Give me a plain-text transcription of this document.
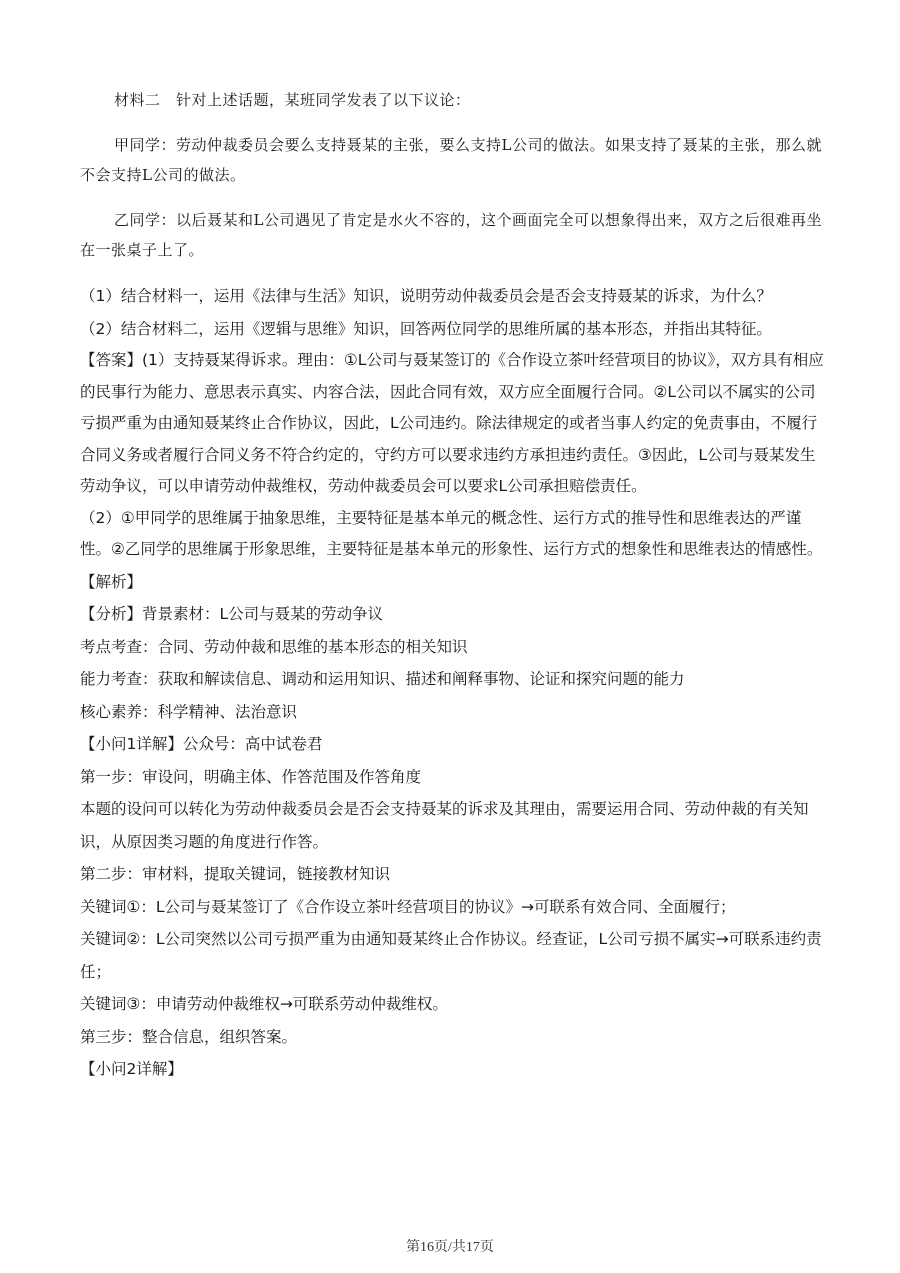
材料二　针对上述话题，某班同学发表了以下议论：

甲同学：劳动仲裁委员会要么支持聂某的主张，要么支持L公司的做法。如果支持了聂某的主张，那么就不会支持L公司的做法。

乙同学：以后聂某和L公司遇见了肯定是水火不容的，这个画面完全可以想象得出来，双方之后很难再坐在一张桌子上了。

（1）结合材料一，运用《法律与生活》知识，说明劳动仲裁委员会是否会支持聂某的诉求，为什么？

（2）结合材料二，运用《逻辑与思维》知识，回答两位同学的思维所属的基本形态，并指出其特征。

【答案】(1）支持聂某得诉求。理由：①L公司与聂某签订的《合作设立茶叶经营项目的协议》，双方具有相应的民事行为能力、意思表示真实、内容合法，因此合同有效，双方应全面履行合同。②L公司以不属实的公司亏损严重为由通知聂某终止合作协议，因此，L公司违约。除法律规定的或者当事人约定的免责事由，不履行合同义务或者履行合同义务不符合约定的，守约方可以要求违约方承担违约责任。③因此，L公司与聂某发生劳动争议，可以申请劳动仲裁维权，劳动仲裁委员会可以要求L公司承担赔偿责任。

（2）①甲同学的思维属于抽象思维，主要特征是基本单元的概念性、运行方式的推导性和思维表达的严谨性。②乙同学的思维属于形象思维，主要特征是基本单元的形象性、运行方式的想象性和思维表达的情感性。

【解析】

【分析】背景素材：L公司与聂某的劳动争议

考点考查：合同、劳动仲裁和思维的基本形态的相关知识

能力考查：获取和解读信息、调动和运用知识、描述和阐释事物、论证和探究问题的能力

核心素养：科学精神、法治意识

【小问1详解】公众号：高中试卷君

第一步：审设问，明确主体、作答范围及作答角度

本题的设问可以转化为劳动仲裁委员会是否会支持聂某的诉求及其理由，需要运用合同、劳动仲裁的有关知识，从原因类习题的角度进行作答。

第二步：审材料，提取关键词，链接教材知识

关键词①：L公司与聂某签订了《合作设立茶叶经营项目的协议》→可联系有效合同、全面履行；

关键词②：L公司突然以公司亏损严重为由通知聂某终止合作协议。经查证，L公司亏损不属实→可联系违约责任；

关键词③：申请劳动仲裁维权→可联系劳动仲裁维权。

第三步：整合信息，组织答案。

【小问2详解】

第16页/共17页
